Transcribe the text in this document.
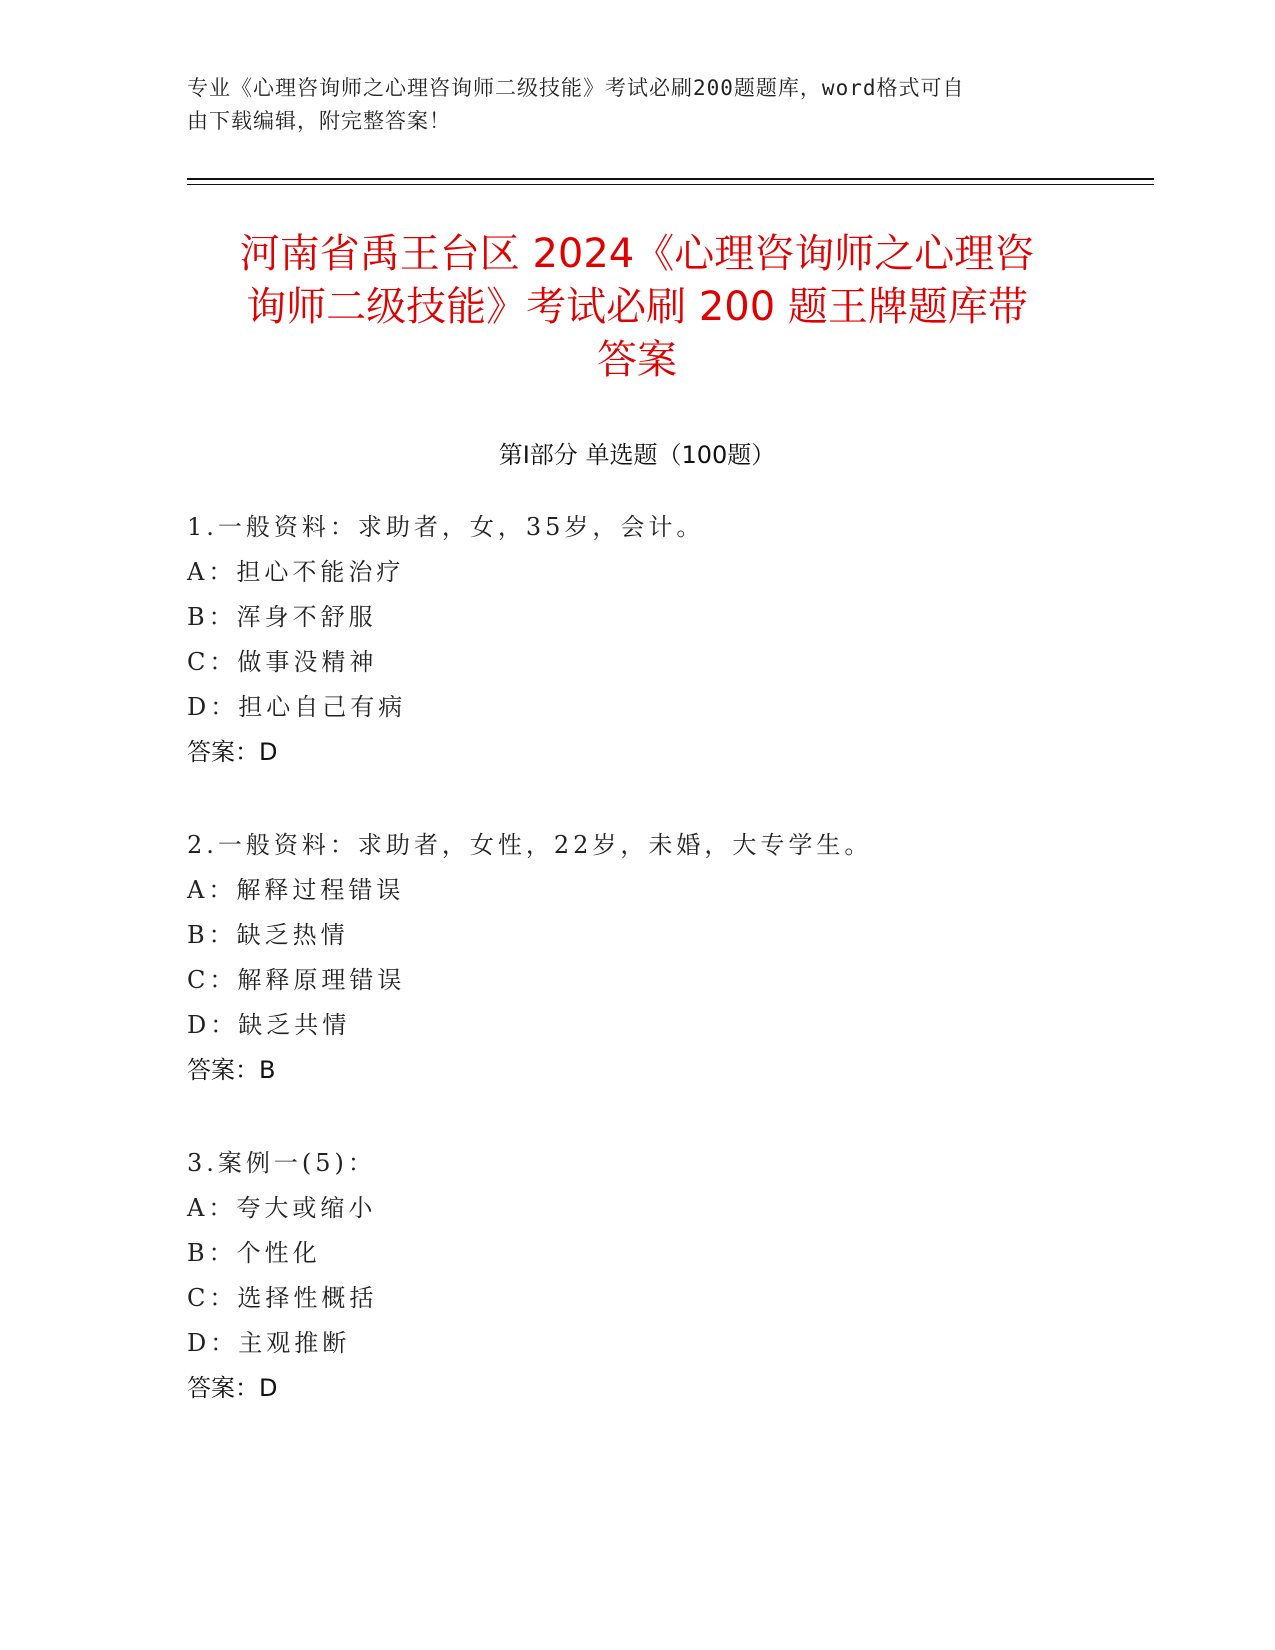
专业《心理咨询师之心理咨询师二级技能》考试必刷200题题库，word格式可自
由下载编辑，附完整答案！
河南省禹王台区 2024《心理咨询师之心理咨
询师二级技能》考试必刷 200 题王牌题库带
答案
第Ⅰ部分 单选题（100题）
1.一般资料：求助者，女，35岁，会计。
A：担心不能治疗
B：浑身不舒服
C：做事没精神
D：担心自己有病
答案：D
2.一般资料：求助者，女性，22岁，未婚，大专学生。
A：解释过程错误
B：缺乏热情
C：解释原理错误
D：缺乏共情
答案：B
3.案例一(5)：
A：夸大或缩小
B：个性化
C：选择性概括
D：主观推断
答案：D
